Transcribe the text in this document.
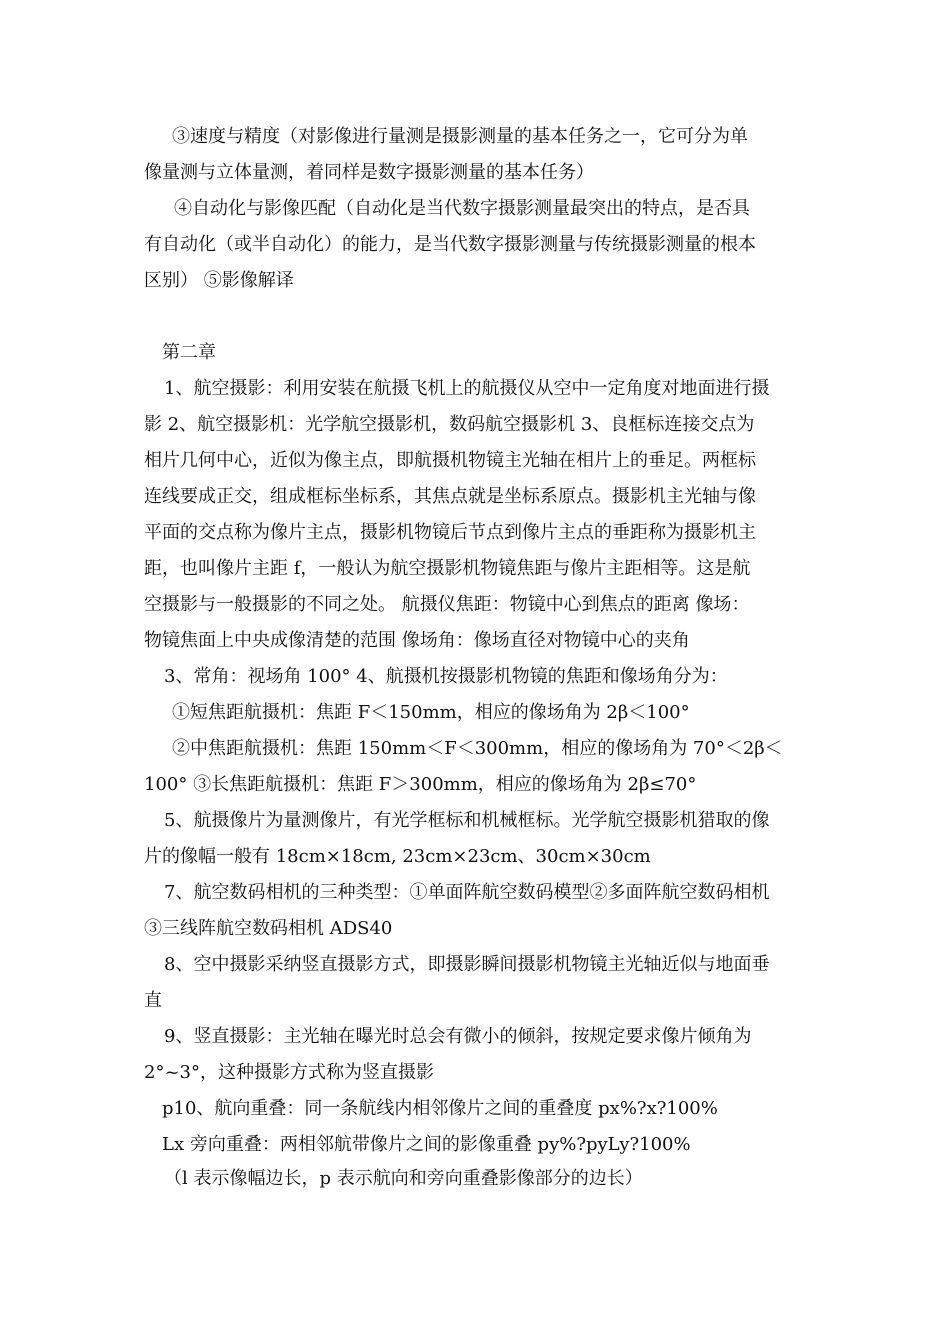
③速度与精度（对影像进行量测是摄影测量的基本任务之一，它可分为单

像量测与立体量测，着同样是数字摄影测量的基本任务）

④自动化与影像匹配（自动化是当代数字摄影测量最突出的特点，是否具

有自动化（或半自动化）的能力，是当代数字摄影测量与传统摄影测量的根本

区别） ⑤影像解译

第二章

1、航空摄影：利用安装在航摄飞机上的航摄仪从空中一定角度对地面进行摄

影 2、航空摄影机：光学航空摄影机，数码航空摄影机 3、良框标连接交点为

相片几何中心，近似为像主点，即航摄机物镜主光轴在相片上的垂足。两框标

连线要成正交，组成框标坐标系，其焦点就是坐标系原点。摄影机主光轴与像

平面的交点称为像片主点，摄影机物镜后节点到像片主点的垂距称为摄影机主

距，也叫像片主距 f，一般认为航空摄影机物镜焦距与像片主距相等。这是航

空摄影与一般摄影的不同之处。 航摄仪焦距：物镜中心到焦点的距离 像场：

物镜焦面上中央成像清楚的范围 像场角：像场直径对物镜中心的夹角

3、常角：视场角 100° 4、航摄机按摄影机物镜的焦距和像场角分为：

①短焦距航摄机：焦距 F＜150mm，相应的像场角为 2β＜100°

②中焦距航摄机：焦距 150mm＜F＜300mm，相应的像场角为 70°＜2β＜

100° ③长焦距航摄机：焦距 F＞300mm，相应的像场角为 2β≤70°

5、航摄像片为量测像片，有光学框标和机械框标。光学航空摄影机猎取的像

片的像幅一般有 18cm×18cm, 23cm×23cm、30cm×30cm

7、航空数码相机的三种类型：①单面阵航空数码模型②多面阵航空数码相机

③三线阵航空数码相机 ADS40

8、空中摄影采纳竖直摄影方式，即摄影瞬间摄影机物镜主光轴近似与地面垂

直

9、竖直摄影：主光轴在曝光时总会有微小的倾斜，按规定要求像片倾角为

2°~3°，这种摄影方式称为竖直摄影

p10、航向重叠：同一条航线内相邻像片之间的重叠度 px%?x?100%

Lx 旁向重叠：两相邻航带像片之间的影像重叠 py%?pyLy?100%

（l 表示像幅边长，p 表示航向和旁向重叠影像部分的边长）
